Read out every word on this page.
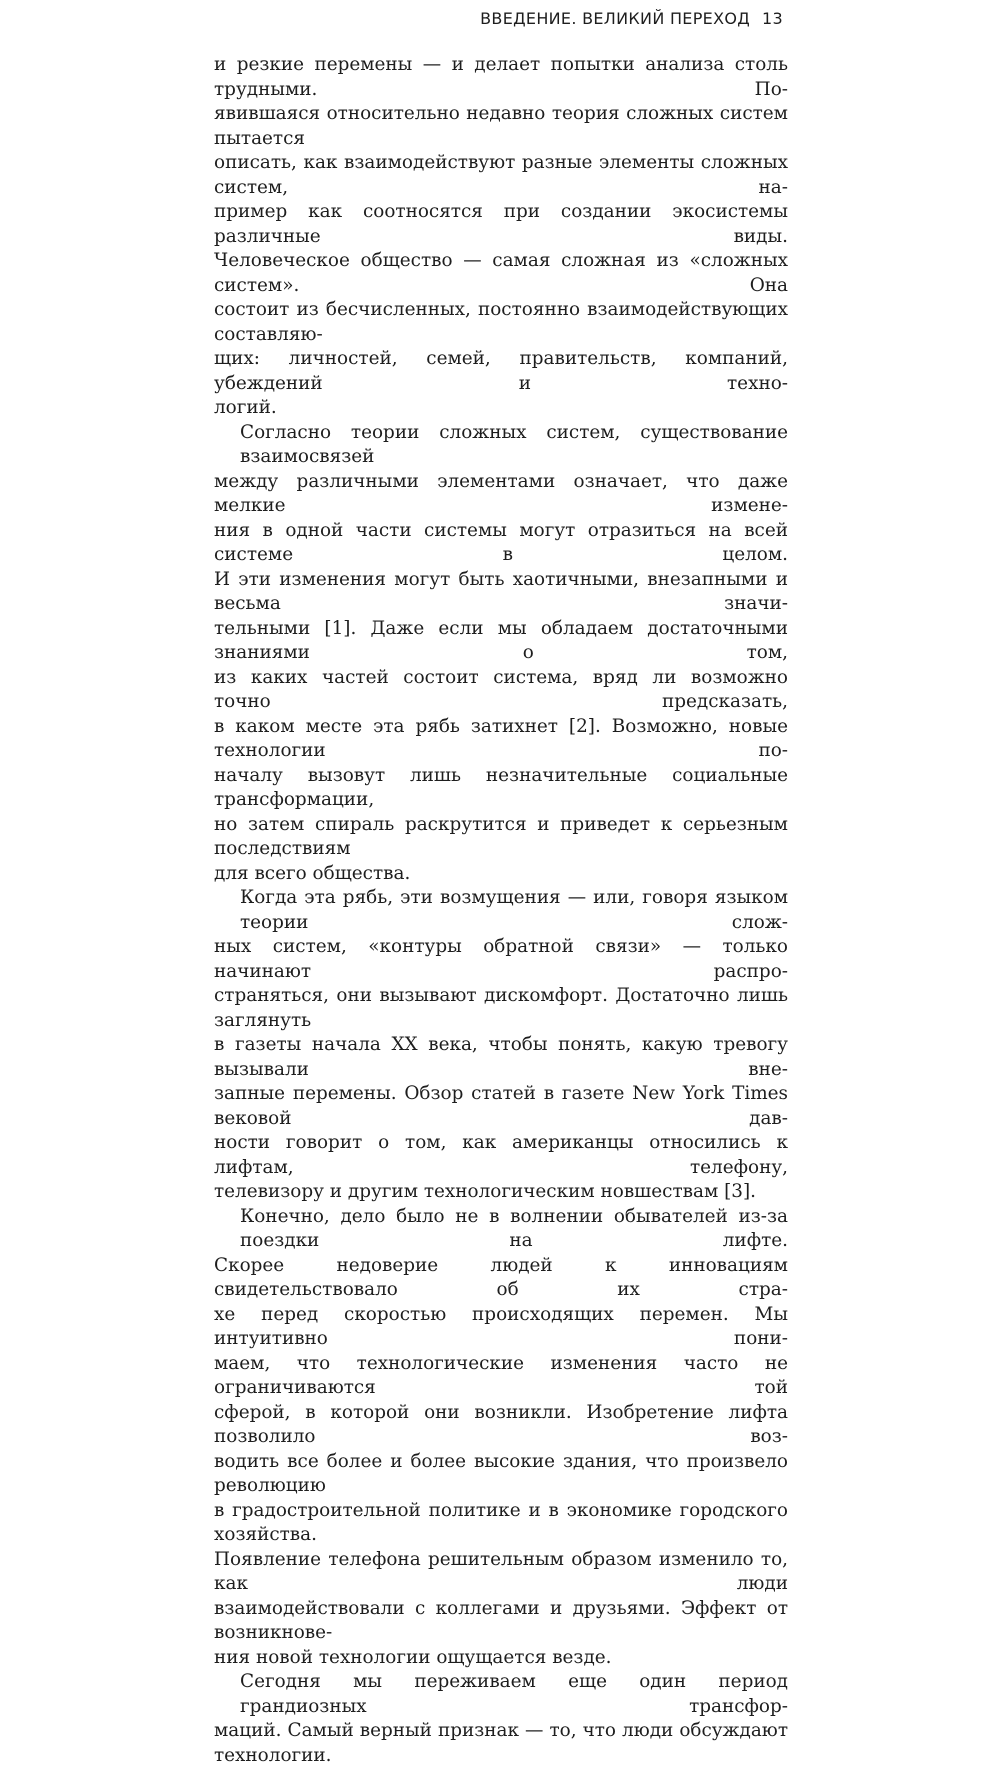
ВВЕДЕНИЕ. ВЕЛИКИЙ ПЕРЕХОД 13
и резкие перемены — и делает попытки анализа столь трудными. По-
явившаяся относительно недавно теория сложных систем пытается
описать, как взаимодействуют разные элементы сложных систем, на-
пример как соотносятся при создании экосистемы различные виды.
Человеческое общество — самая сложная из «сложных систем». Она
состоит из бесчисленных, постоянно взаимодействующих составляю-
щих: личностей, семей, правительств, компаний, убеждений и техно-
логий.
Согласно теории сложных систем, существование взаимосвязей
между различными элементами означает, что даже мелкие измене-
ния в одной части системы могут отразиться на всей системе в целом.
И эти изменения могут быть хаотичными, внезапными и весьма значи-
тельными [1]. Даже если мы обладаем достаточными знаниями о том,
из каких частей состоит система, вряд ли возможно точно предсказать,
в каком месте эта рябь затихнет [2]. Возможно, новые технологии по-
началу вызовут лишь незначительные социальные трансформации,
но затем спираль раскрутится и приведет к серьезным последствиям
для всего общества.
Когда эта рябь, эти возмущения — или, говоря языком теории слож-
ных систем, «контуры обратной связи» — только начинают распро-
страняться, они вызывают дискомфорт. Достаточно лишь заглянуть
в газеты начала XX века, чтобы понять, какую тревогу вызывали вне-
запные перемены. Обзор статей в газете New York Times вековой дав-
ности говорит о том, как американцы относились к лифтам, телефону,
телевизору и другим технологическим новшествам [3].
Конечно, дело было не в волнении обывателей из-за поездки на лифте.
Скорее недоверие людей к инновациям свидетельствовало об их стра-
хе перед скоростью происходящих перемен. Мы интуитивно пони-
маем, что технологические изменения часто не ограничиваются той
сферой, в которой они возникли. Изобретение лифта позволило воз-
водить все более и более высокие здания, что произвело революцию
в градостроительной политике и в экономике городского хозяйства.
Появление телефона решительным образом изменило то, как люди
взаимодействовали с коллегами и друзьями. Эффект от возникнове-
ния новой технологии ощущается везде.
Сегодня мы переживаем еще один период грандиозных трансфор-
маций. Самый верный признак — то, что люди обсуждают технологии.
